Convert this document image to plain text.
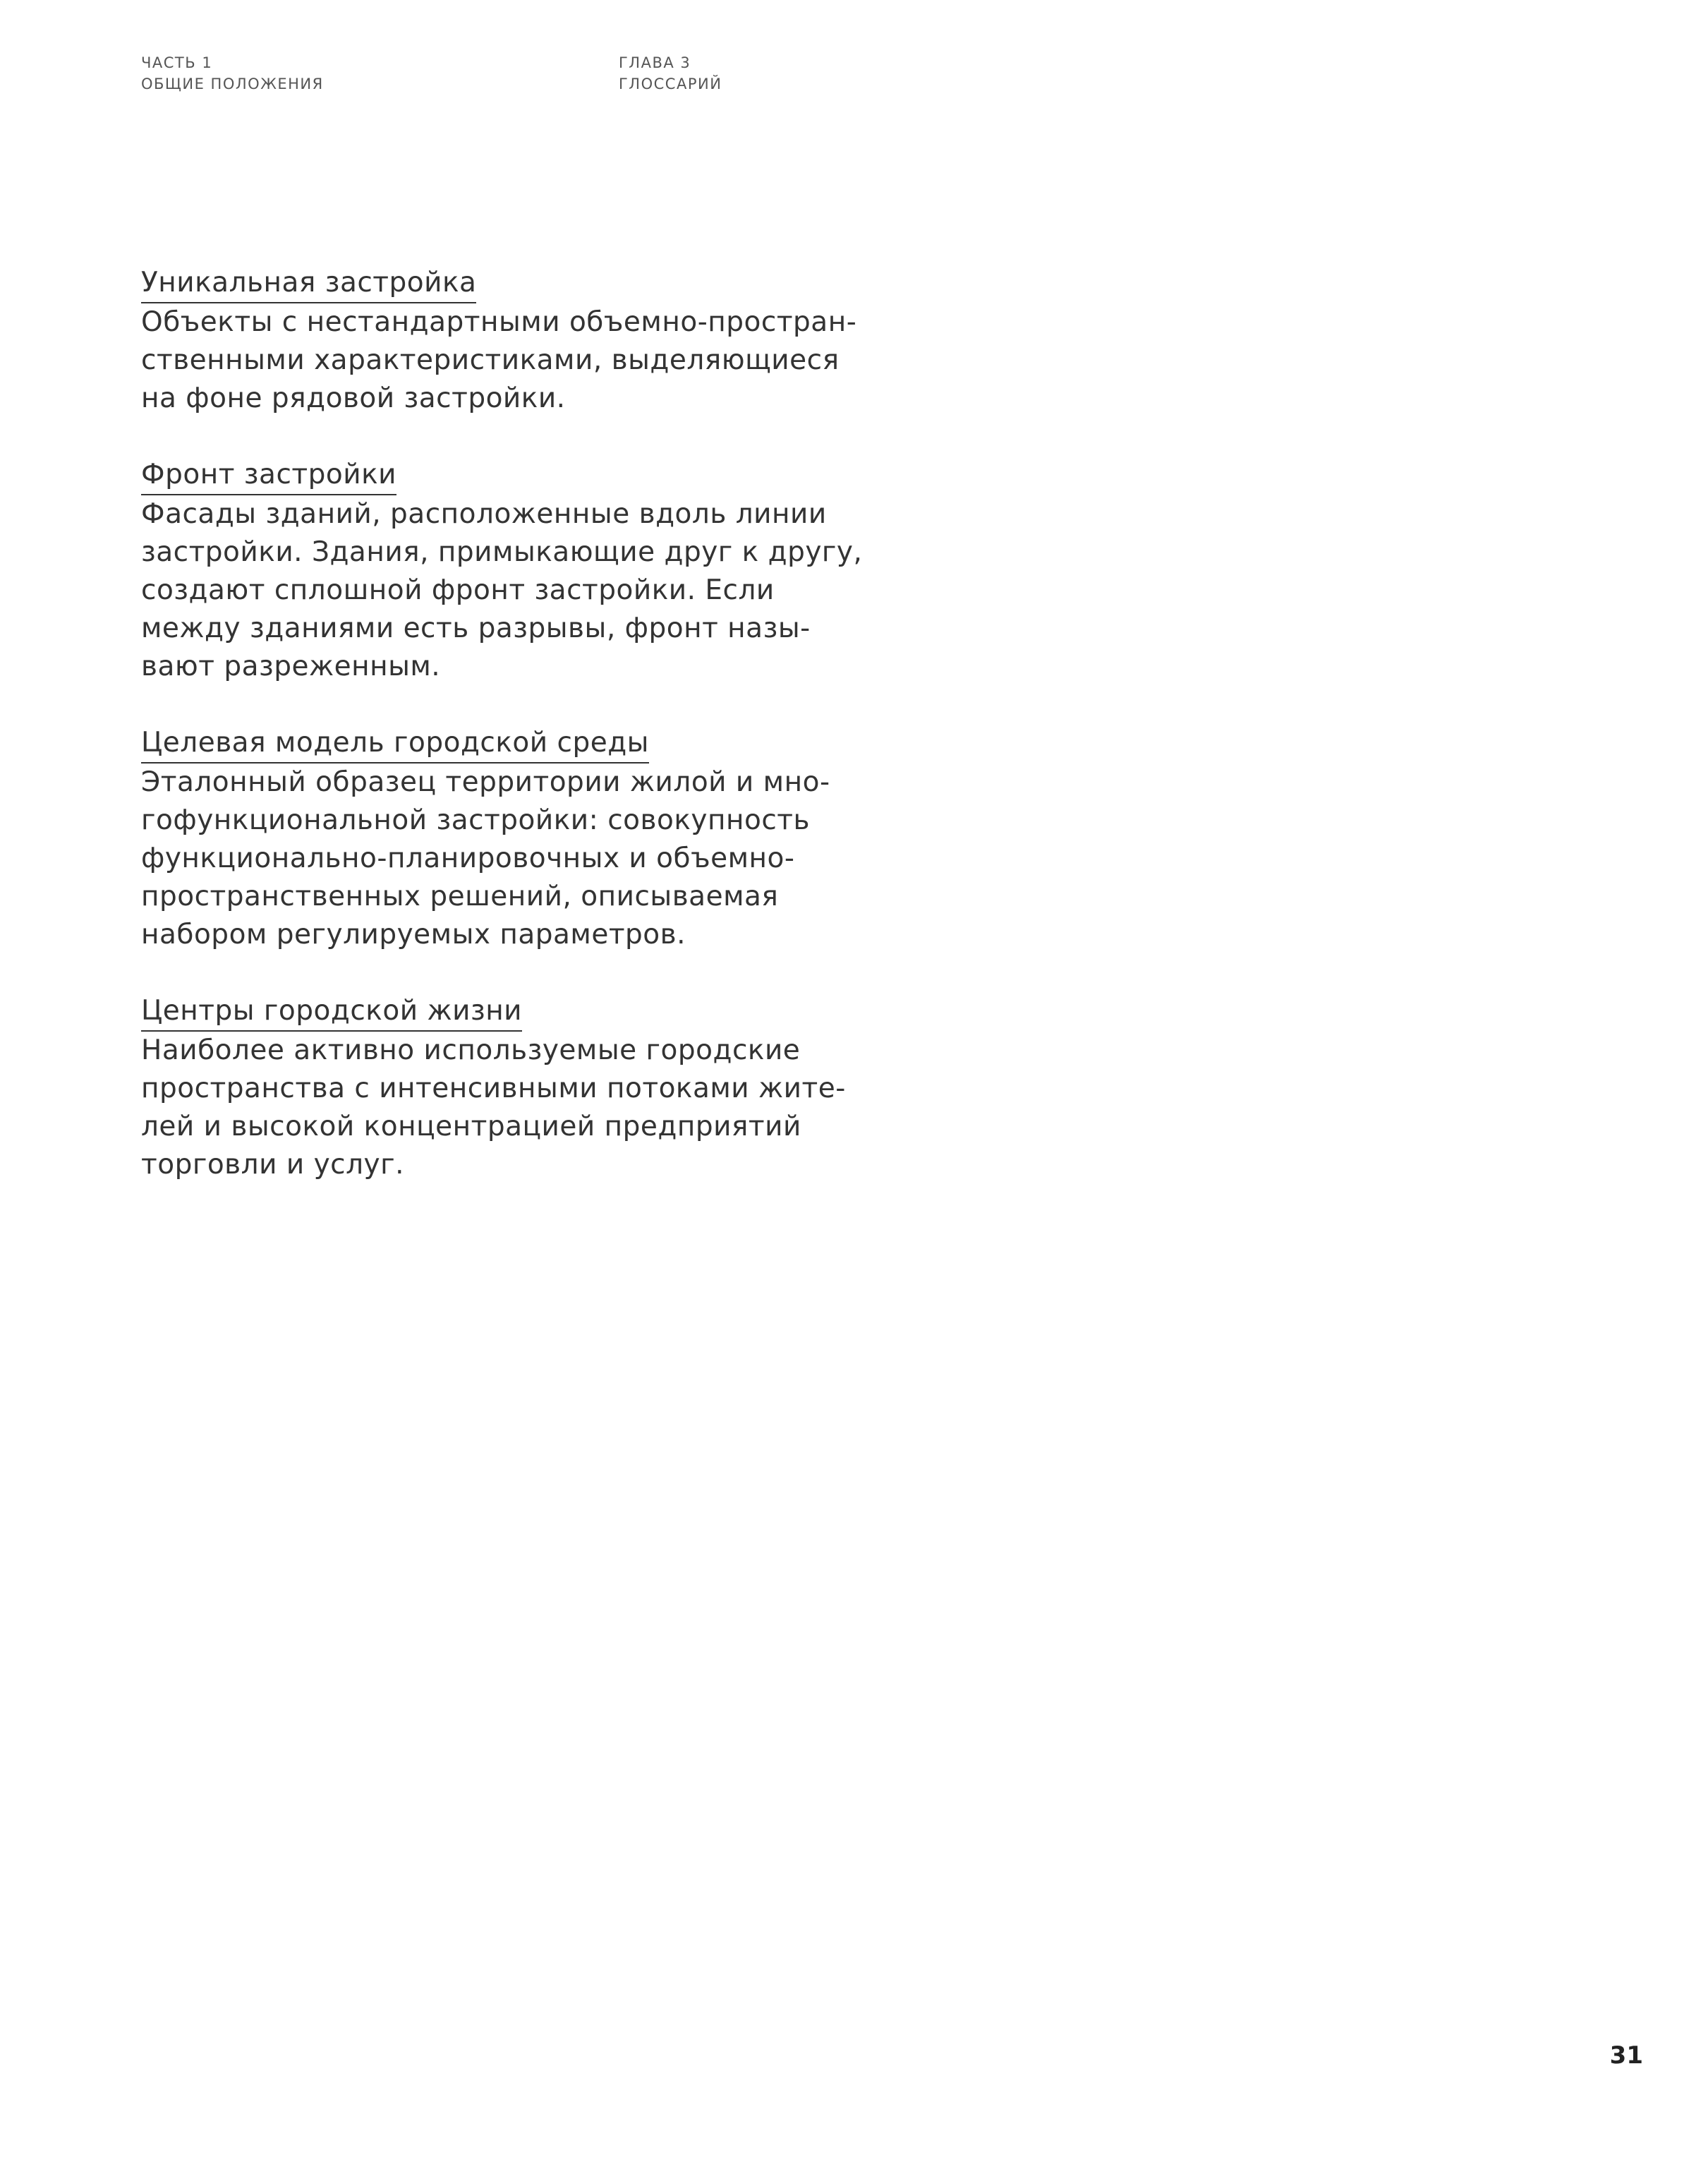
ЧАСТЬ 1
ОБЩИЕ ПОЛОЖЕНИЯ
ГЛАВА 3
ГЛОССАРИЙ
Уникальная застройка

Объекты с нестандартными объемно-простран-
ственными характеристиками, выделяющиеся
на фоне рядовой застройки.

Фронт застройки

Фасады зданий, расположенные вдоль линии
застройки. Здания, примыкающие друг к другу,
создают сплошной фронт застройки. Если
между зданиями есть разрывы, фронт назы-
вают разреженным.

Целевая модель городской среды

Эталонный образец территории жилой и мно-
гофункциональной застройки: совокупность
функционально-планировочных и объемно-
пространственных решений, описываемая
набором регулируемых параметров.

Центры городской жизни

Наиболее активно используемые городские
пространства с интенсивными потоками жите-
лей и высокой концентрацией предприятий
торговли и услуг.

31
